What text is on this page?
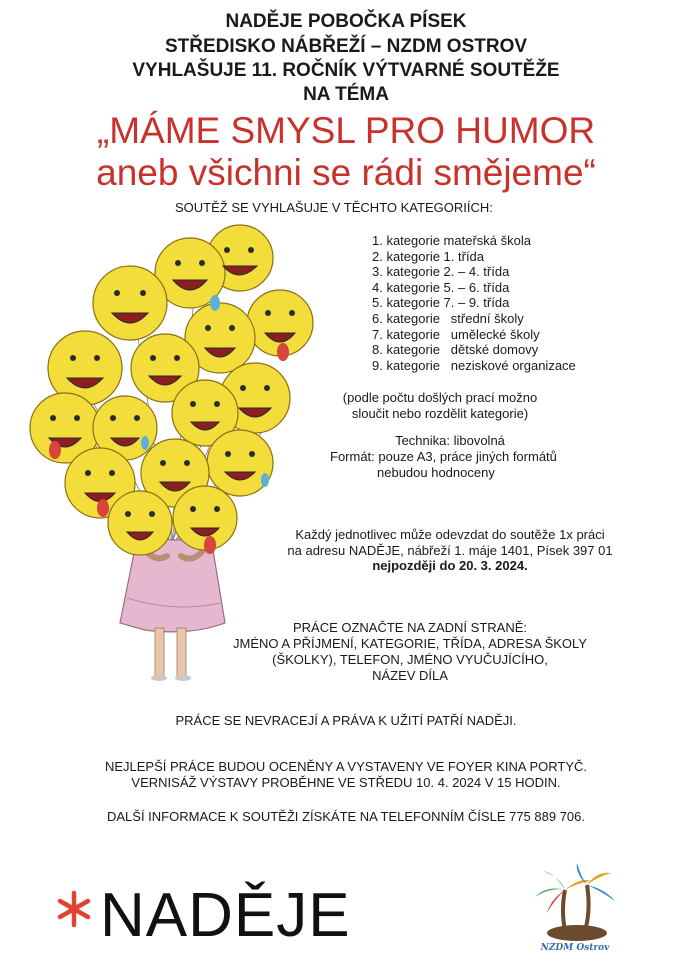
NADĚJE POBOČKA PÍSEK
STŘEDISKO NÁBŘEŽÍ – NZDM OSTROV
VYHLAŠUJE 11. ROČNÍK VÝTVARNÉ SOUTĚŽE
NA TÉMA
„MÁME SMYSL PRO HUMOR
aneb všichni se rádi smějeme“
SOUTĚŽ SE VYHLAŠUJE V TĚCHTO KATEGORIÍCH:
1. kategorie mateřská škola
2. kategorie 1. třída
3. kategorie 2. – 4. třída
4. kategorie 5. – 6. třída
5. kategorie 7. – 9. třída
6. kategorie   střední školy
7. kategorie   umělecké školy
8. kategorie   dětské domovy
9. kategorie   neziskové organizace
(podle počtu došlých prací možno
sloučit nebo rozdělit kategorie)
Technika: libovolná
Formát: pouze A3, práce jiných formátů
nebudou hodnoceny
Každý jednotlivec může odevzdat do soutěže 1x práci
na adresu NADĚJE, nábřeží 1. máje 1401, Písek 397 01
nejpozději do 20. 3. 2024.
PRÁCE OZNAČTE NA ZADNÍ STRANĚ:
JMÉNO A PŘÍJMENÍ, KATEGORIE, TŘÍDA, ADRESA ŠKOLY
(ŠKOLKY), TELEFON, JMÉNO VYUČUJÍCÍHO,
NÁZEV DÍLA
PRÁCE SE NEVRACEJÍ A PRÁVA K UŽITÍ PATŘÍ NADĚJI.
NEJLEPŠÍ PRÁCE BUDOU OCENĚNY A VYSTAVENY VE FOYER KINA PORTYČ.
VERNISÁŽ VÝSTAVY PROBĚHNE VE STŘEDU 10. 4. 2024 V 15 HODIN.
DALŠÍ INFORMACE K SOUTĚŽI ZÍSKÁTE NA TELEFONNÍM ČÍSLE 775 889 706.
NADĚJE	NZDM Ostrov
